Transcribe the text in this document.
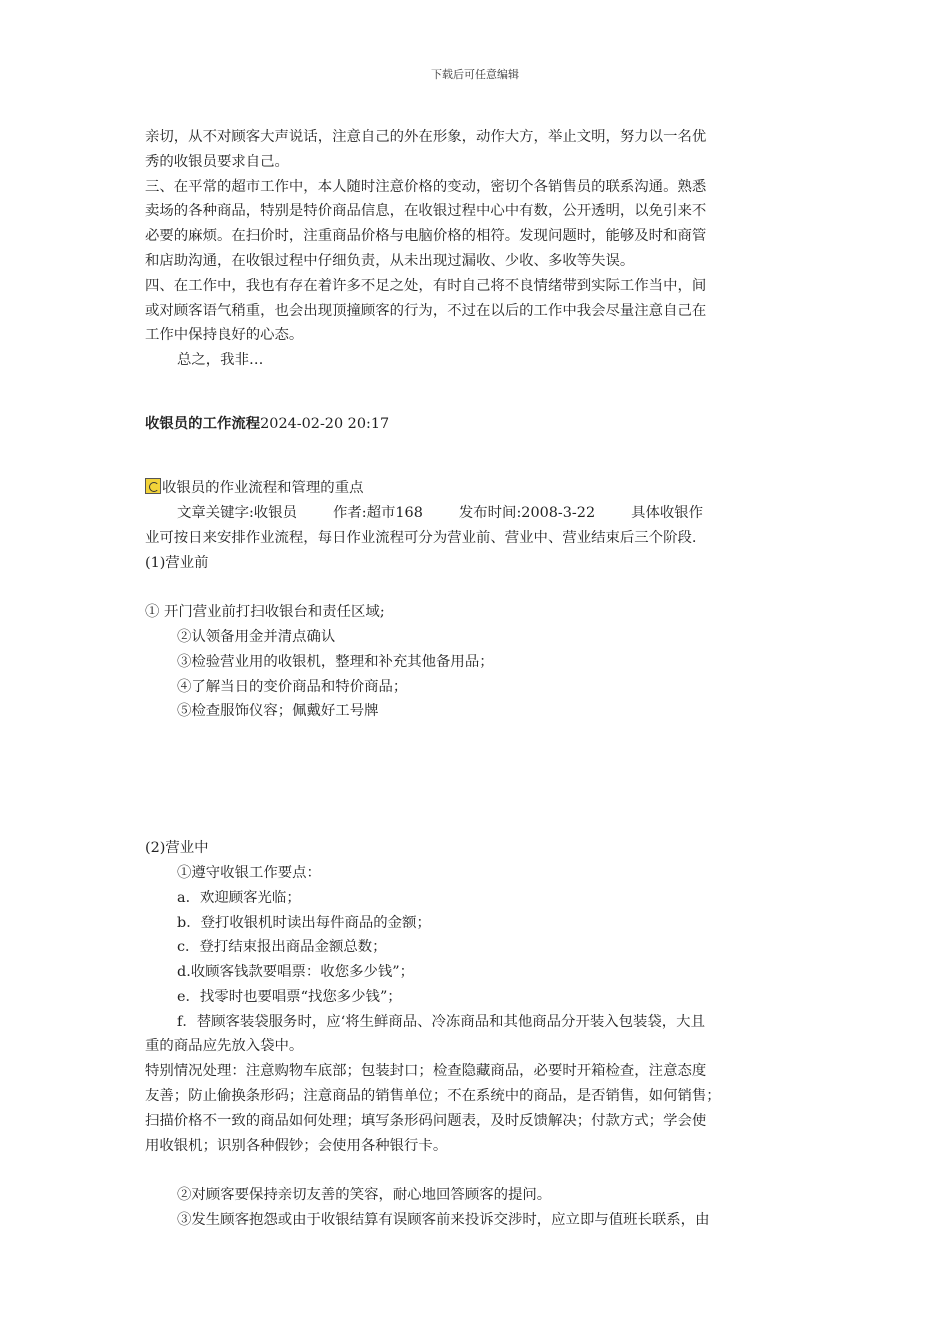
下载后可任意编辑

亲切，从不对顾客大声说话，注意自己的外在形象，动作大方，举止文明，努力以一名优

秀的收银员要求自己。

三、在平常的超市工作中，本人随时注意价格的变动，密切个各销售员的联系沟通。熟悉

卖场的各种商品，特别是特价商品信息，在收银过程中心中有数，公开透明，以免引来不

必要的麻烦。在扫价时，注重商品价格与电脑价格的相符。发现问题时，能够及时和商管

和店助沟通，在收银过程中仔细负责，从未出现过漏收、少收、多收等失误。

四、在工作中，我也有存在着许多不足之处，有时自己将不良情绪带到实际工作当中，间

或对顾客语气稍重，也会出现顶撞顾客的行为，不过在以后的工作中我会尽量注意自己在

工作中保持良好的心态。

总之，我非…

收银员的工作流程2024-02-20 20:17

收银员的作业流程和管理的重点

文章关键字:收银员	作者:超市168	发布时间:2008-3-22	具体收银作

业可按日来安排作业流程，每日作业流程可分为营业前、营业中、营业结束后三个阶段.

(1)营业前

① 开门营业前打扫收银台和责任区域;

②认领备用金并清点确认

③检验营业用的收银机，整理和补充其他备用品；

④了解当日的变价商品和特价商品；

⑤检查服饰仪容；佩戴好工号牌

(2)营业中

①遵守收银工作要点：

a．欢迎顾客光临；

b．登打收银机时读出每件商品的金额；

c．登打结束报出商品金额总数；

d.收顾客钱款要唱票：收您多少钱”；

e．找零时也要唱票“找您多少钱”；

f．替顾客装袋服务时，应‘将生鲜商品、冷冻商品和其他商品分开装入包装袋，大且

重的商品应先放入袋中。

特别情况处理：注意购物车底部；包装封口；检查隐藏商品，必要时开箱检查，注意态度

友善；防止偷换条形码；注意商品的销售单位；不在系统中的商品，是否销售，如何销售；

扫描价格不一致的商品如何处理；填写条形码问题表，及时反馈解决；付款方式；学会使

用收银机；识别各种假钞；会使用各种银行卡。

②对顾客要保持亲切友善的笑容，耐心地回答顾客的提问。

③发生顾客抱怨或由于收银结算有误顾客前来投诉交涉时，应立即与值班长联系，由
